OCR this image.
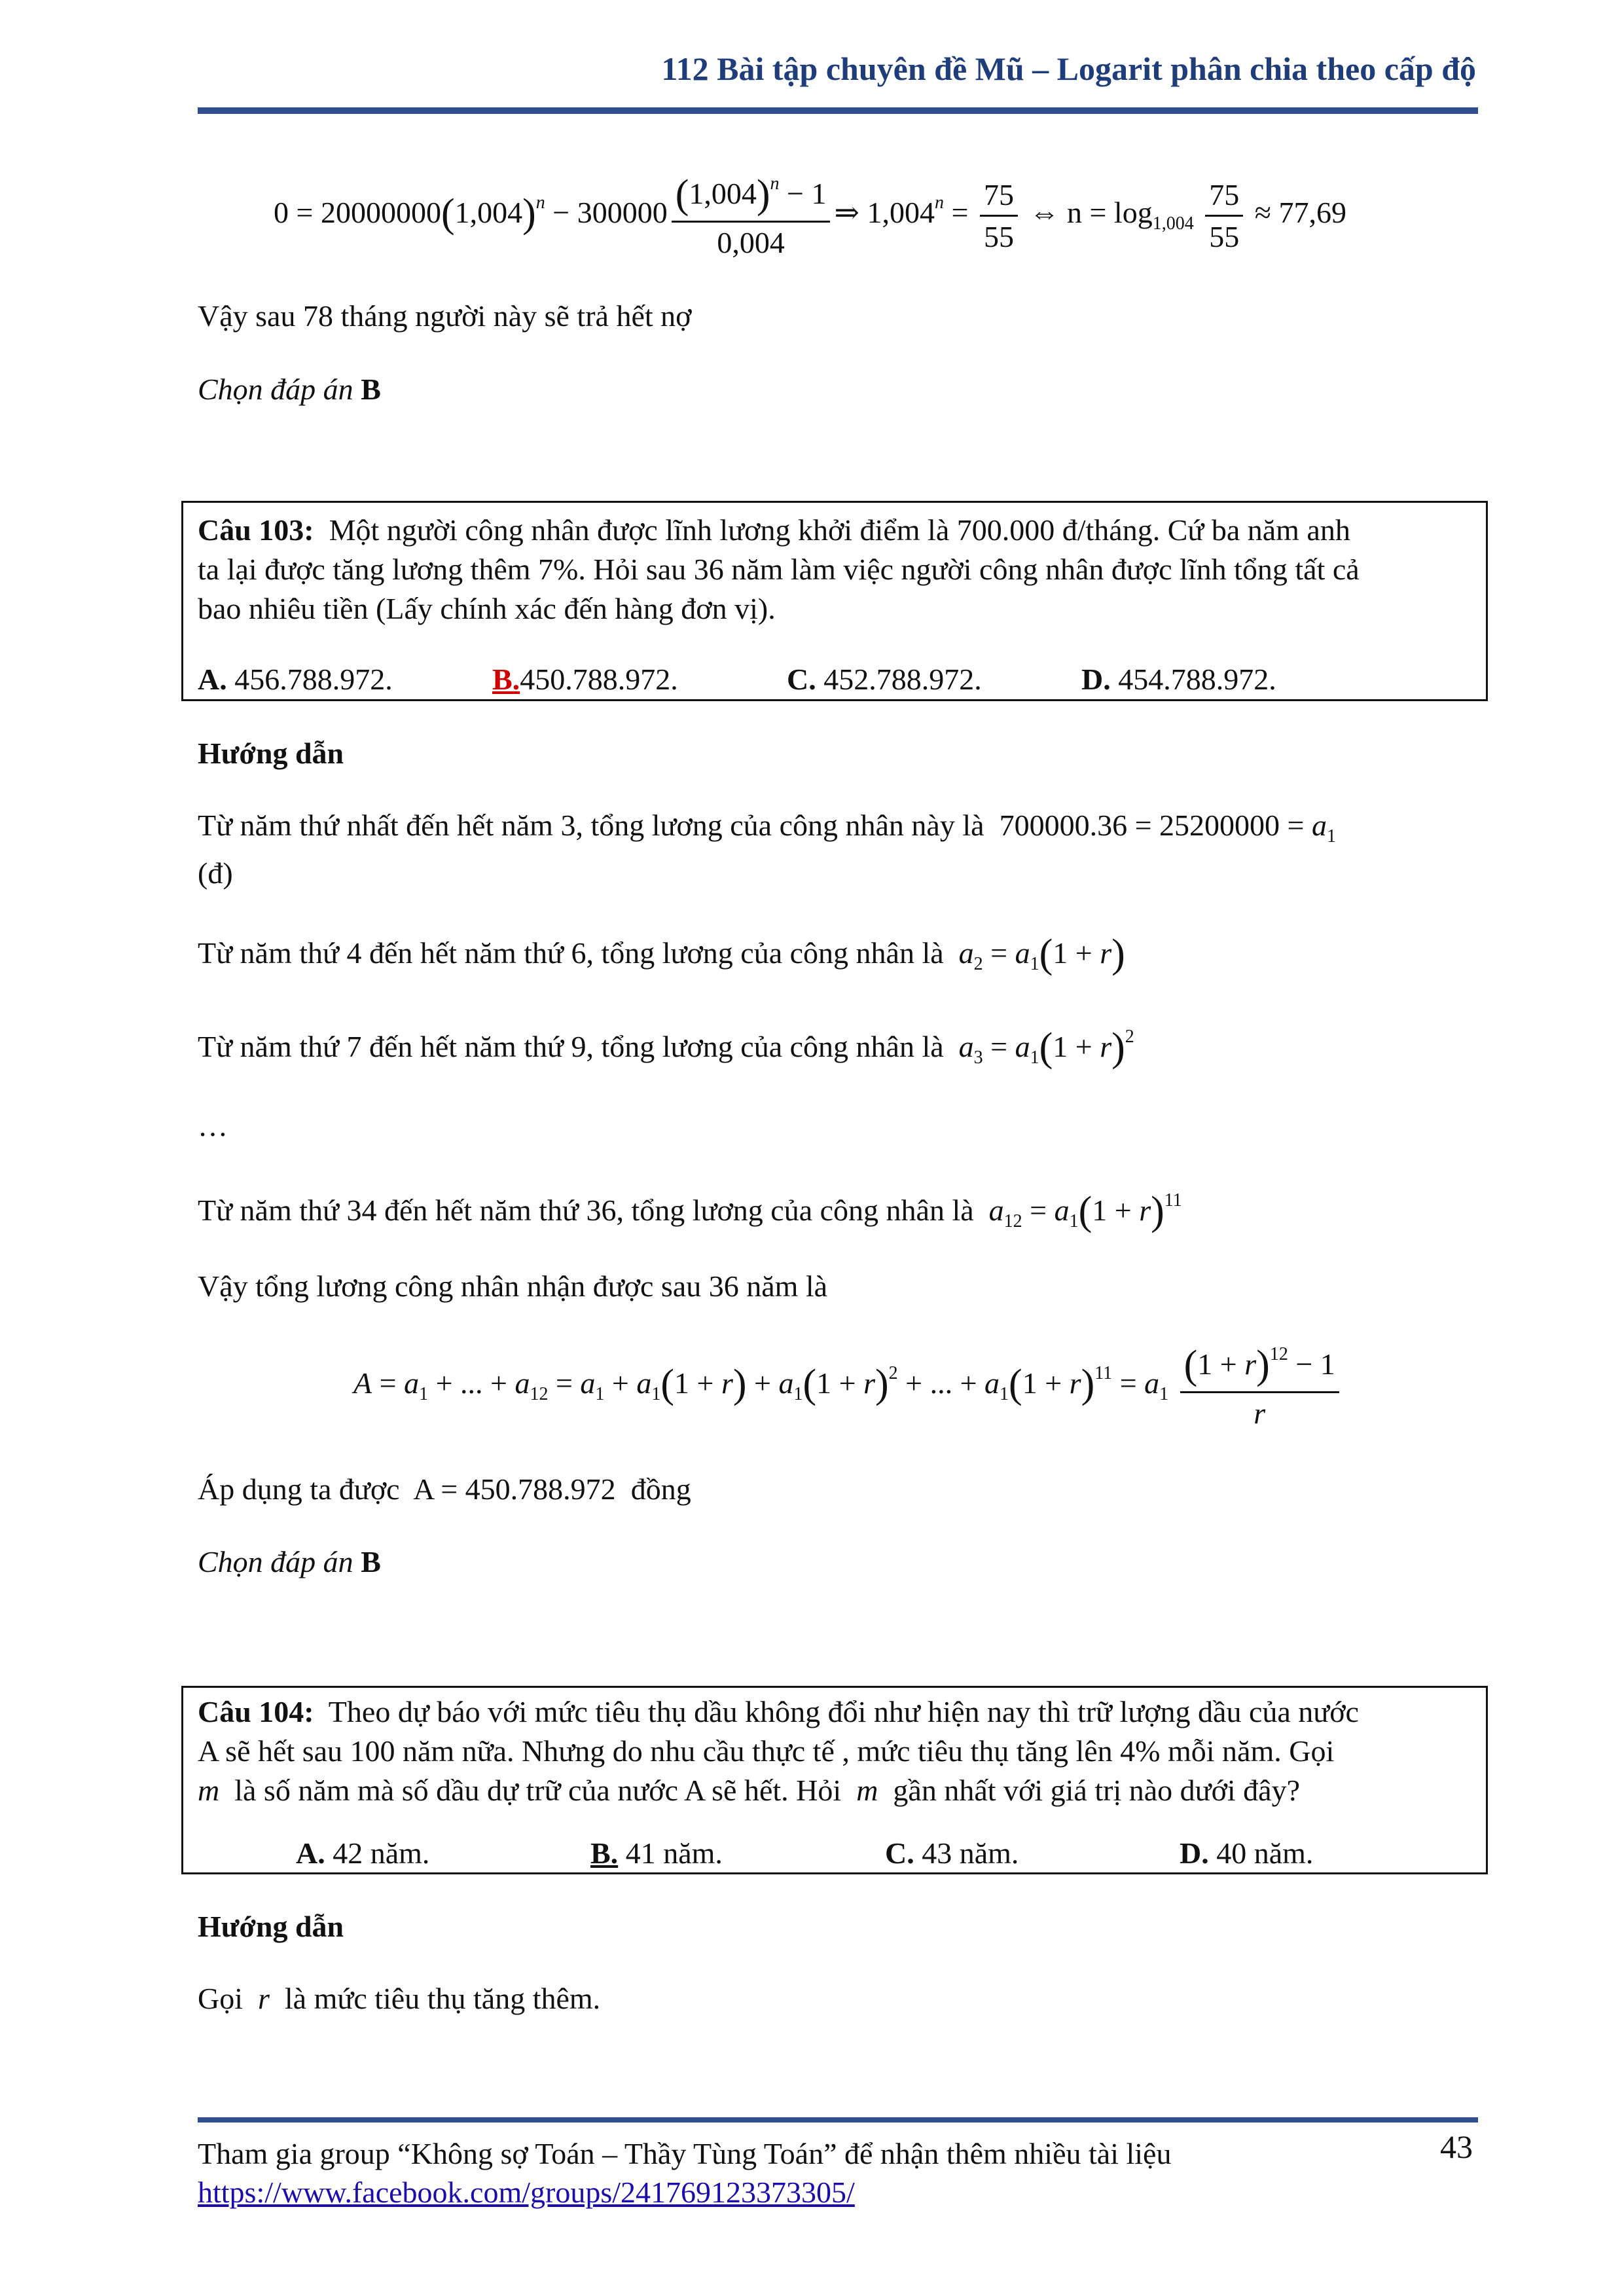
112 Bài tập chuyên đề Mũ – Logarit phân chia theo cấp độ
$0 = 20000000(1,004)^n - 300000 \frac{(1,004)^n - 1}{0,004}$ ⇒ $1,004^n = \frac{75}{55}$ ⇔ $n = \log_{1,004} \frac{75}{55} \approx 77,69$
Vậy sau 78 tháng người này sẽ trả hết nợ
Chọn đáp án B
Câu 103: Một người công nhân được lĩnh lương khởi điểm là 700.000 đ/tháng. Cứ ba năm anh
ta lại được tăng lương thêm 7%. Hỏi sau 36 năm làm việc người công nhân được lĩnh tổng tất cả
bao nhiêu tiền (Lấy chính xác đến hàng đơn vị).
A. 456.788.972.	B.450.788.972.	C. 452.788.972.	D. 454.788.972.
Hướng dẫn
Từ năm thứ nhất đến hết năm 3, tổng lương của công nhân này là $700000.36 = 25200000 = a_1$
(đ)
Từ năm thứ 4 đến hết năm thứ 6, tổng lương của công nhân là $a_2 = a_1(1 + r)$
Từ năm thứ 7 đến hết năm thứ 9, tổng lương của công nhân là $a_3 = a_1(1 + r)^2$
…
Từ năm thứ 34 đến hết năm thứ 36, tổng lương của công nhân là $a_{12} = a_1(1 + r)^{11}$
Vậy tổng lương công nhân nhận được sau 36 năm là
$A = a_1$ + ... + $a_{12} = a_1 + a_1(1 + r) + a_1(1 + r)^2$ + ... + $a_1(1 + r)^{11} = a_1 \frac{(1 + r)^{12} - 1}{r}$
Áp dụng ta được A = 450.788.972 đồng
Chọn đáp án B
Câu 104: Theo dự báo với mức tiêu thụ dầu không đổi như hiện nay thì trữ lượng dầu của nước
A sẽ hết sau 100 năm nữa. Nhưng do nhu cầu thực tế , mức tiêu thụ tăng lên 4% mỗi năm. Gọi
m là số năm mà số dầu dự trữ của nước A sẽ hết. Hỏi m gần nhất với giá trị nào dưới đây?
A. 42 năm.	B. 41 năm.	C. 43 năm.	D. 40 năm.
Hướng dẫn
Gọi r là mức tiêu thụ tăng thêm.
Tham gia group “Không sợ Toán – Thầy Tùng Toán” để nhận thêm nhiều tài liệu
https://www.facebook.com/groups/241769123373305/
43
